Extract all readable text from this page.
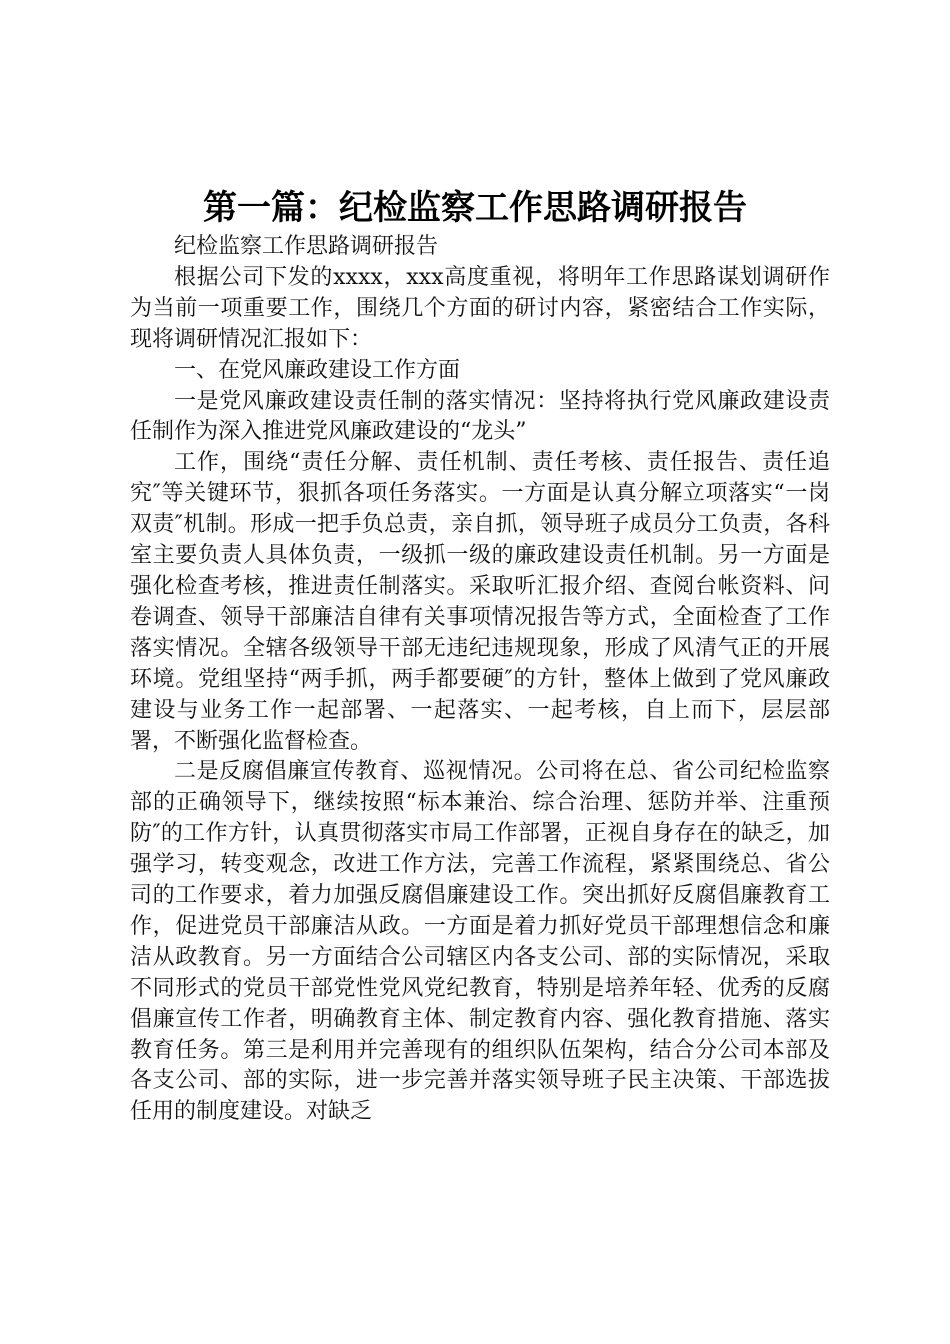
第一篇：纪检监察工作思路调研报告

纪检监察工作思路调研报告

根据公司下发的xxxx，xxx高度重视，将明年工作思路谋划调研作为当前一项重要工作，围绕几个方面的研讨内容，紧密结合工作实际，现将调研情况汇报如下：

一、在党风廉政建设工作方面

一是党风廉政建设责任制的落实情况：坚持将执行党风廉政建设责任制作为深入推进党风廉政建设的“龙头”

工作，围绕“责任分解、责任机制、责任考核、责任报告、责任追究″等关键环节，狠抓各项任务落实。一方面是认真分解立项落实“一岗双责″机制。形成一把手负总责，亲自抓，领导班子成员分工负责，各科室主要负责人具体负责，一级抓一级的廉政建设责任机制。另一方面是强化检查考核，推进责任制落实。采取听汇报介绍、查阅台帐资料、问卷调查、领导干部廉洁自律有关事项情况报告等方式，全面检查了工作落实情况。全辖各级领导干部无违纪违规现象，形成了风清气正的开展环境。党组坚持“两手抓，两手都要硬″的方针，整体上做到了党风廉政建设与业务工作一起部署、一起落实、一起考核，自上而下，层层部署，不断强化监督检查。

二是反腐倡廉宣传教育、巡视情况。公司将在总、省公司纪检监察部的正确领导下，继续按照“标本兼治、综合治理、惩防并举、注重预防″的工作方针，认真贯彻落实市局工作部署，正视自身存在的缺乏，加强学习，转变观念，改进工作方法，完善工作流程，紧紧围绕总、省公司的工作要求，着力加强反腐倡廉建设工作。突出抓好反腐倡廉教育工作，促进党员干部廉洁从政。一方面是着力抓好党员干部理想信念和廉洁从政教育。另一方面结合公司辖区内各支公司、部的实际情况，采取不同形式的党员干部党性党风党纪教育，特别是培养年轻、优秀的反腐倡廉宣传工作者，明确教育主体、制定教育内容、强化教育措施、落实教育任务。第三是利用并完善现有的组织队伍架构，结合分公司本部及各支公司、部的实际，进一步完善并落实领导班子民主决策、干部选拔任用的制度建设。对缺乏
